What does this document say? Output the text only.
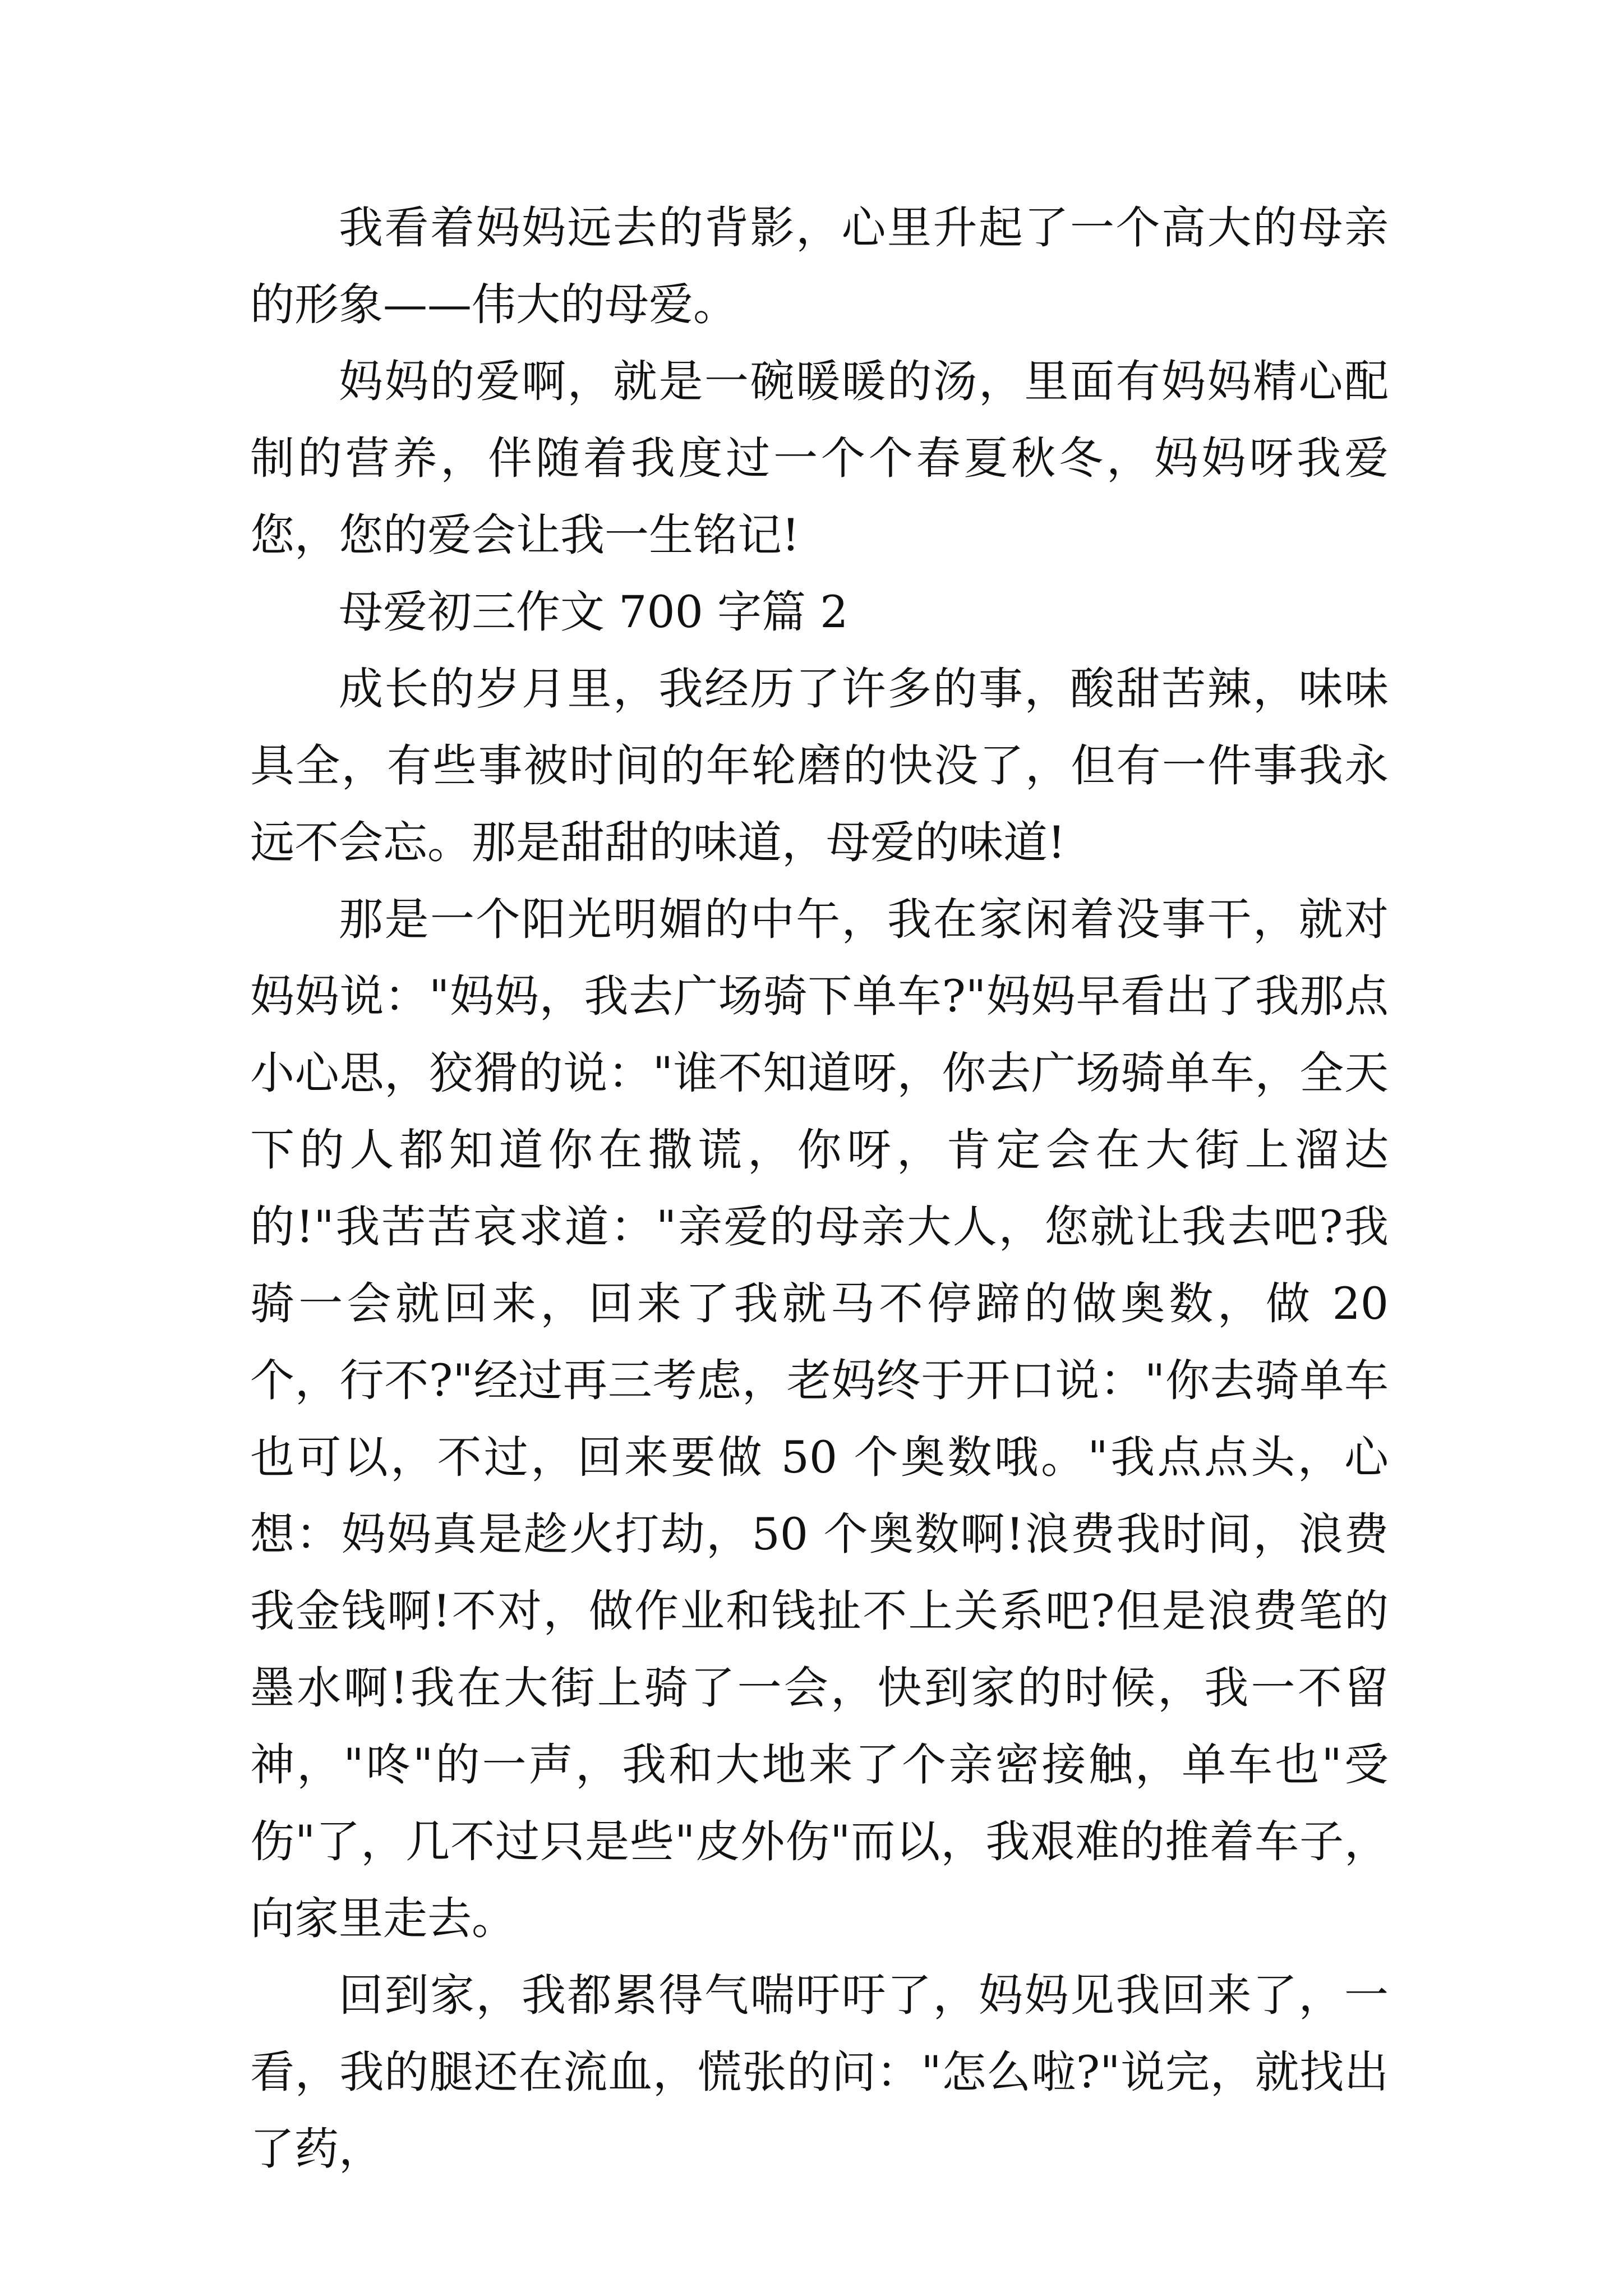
我看着妈妈远去的背影，心里升起了一个高大的母亲的形象——伟大的母爱。

妈妈的爱啊，就是一碗暖暖的汤，里面有妈妈精心配制的营养，伴随着我度过一个个春夏秋冬，妈妈呀我爱您，您的爱会让我一生铭记!

母爱初三作文 700 字篇 2

成长的岁月里，我经历了许多的事，酸甜苦辣，味味具全，有些事被时间的年轮磨的快没了，但有一件事我永远不会忘。那是甜甜的味道，母爱的味道!

那是一个阳光明媚的中午，我在家闲着没事干，就对妈妈说："妈妈，我去广场骑下单车?"妈妈早看出了我那点小心思，狡猾的说："谁不知道呀，你去广场骑单车，全天下的人都知道你在撒谎，你呀，肯定会在大街上溜达的!"我苦苦哀求道："亲爱的母亲大人，您就让我去吧?我骑一会就回来，回来了我就马不停蹄的做奥数，做 20 个，行不?"经过再三考虑，老妈终于开口说："你去骑单车也可以，不过，回来要做 50 个奥数哦。"我点点头，心想：妈妈真是趁火打劫，50 个奥数啊!浪费我时间，浪费我金钱啊!不对，做作业和钱扯不上关系吧?但是浪费笔的墨水啊!我在大街上骑了一会，快到家的时候，我一不留神，"咚"的一声，我和大地来了个亲密接触，单车也"受伤"了，几不过只是些"皮外伤"而以，我艰难的推着车子，向家里走去。

回到家，我都累得气喘吁吁了，妈妈见我回来了，一看，我的腿还在流血，慌张的问："怎么啦?"说完，就找出了药，
